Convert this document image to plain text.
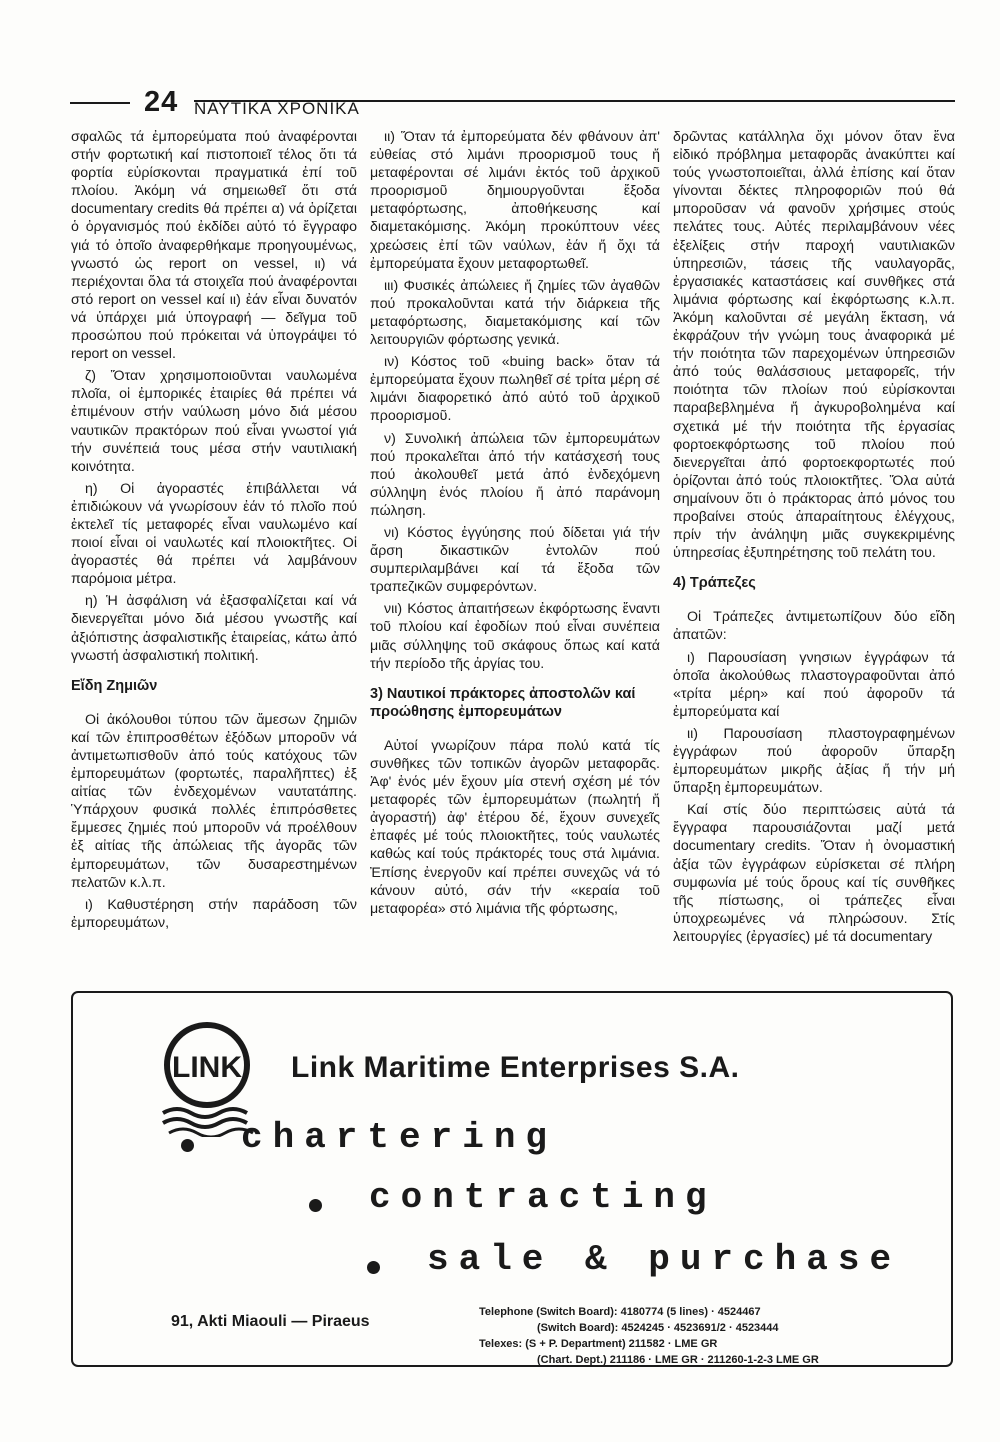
24 ΝΑΥΤΙΚΑ ΧΡΟΝΙΚΑ

σφαλῶς τά ἐμπορεύματα πού ἀναφέρονται στήν φορτωτική καί πιστοποιεῖ τέλος ὅτι τά φορτία εὑρίσκονται πραγματικά ἐπί τοῦ πλοίου. Ἀκόμη νά σημειωθεῖ ὅτι στά documentary credits θά πρέπει α) νά ὁρίζεται ὁ ὀργανισμός πού ἐκδίδει αὐτό τό ἔγγραφο γιά τό ὁποῖο ἀναφερθήκαμε προηγουμένως, γνωστό ὡς report on vessel, ιι) νά περιέχονται ὅλα τά στοιχεῖα πού ἀναφέρονται στό report on vessel καί ιι) ἐάν εἶναι δυνατόν νά ὑπάρχει μιά ὑπογραφή — δεῖγμα τοῦ προσώπου πού πρόκειται νά ὑπογράψει τό report on vessel.

ζ) Ὅταν χρησιμοποιοῦνται ναυλωμένα πλοῖα, οἱ ἐμπορικές ἑταιρίες θά πρέπει νά ἐπιμένουν στήν ναύλωση μόνο διά μέσου ναυτικῶν πρακτόρων πού εἶναι γνωστοί γιά τήν συνέπειά τους μέσα στήν ναυτιλιακή κοινότητα.

η) Οἱ ἀγοραστές ἐπιβάλλεται νά ἐπιδιώκουν νά γνωρίσουν ἐάν τό πλοῖο πού ἐκτελεῖ τίς μεταφορές εἶναι ναυλωμένο καί ποιοί εἶναι οἱ ναυλωτές καί πλοιοκτῆτες. Οἱ ἀγοραστές θά πρέπει νά λαμβάνουν παρόμοια μέτρα.

η) Ἡ ἀσφάλιση νά ἐξασφαλίζεται καί νά διενεργεῖται μόνο διά μέσου γνωστῆς καί ἀξιόπιστης ἀσφαλιστικῆς ἑταιρείας, κάτω ἀπό γνωστή ἀσφαλιστική πολιτική.

Εἴδη Ζημιῶν

Οἱ ἀκόλουθοι τύπου τῶν ἄμεσων ζημιῶν καί τῶν ἐπιπροσθέτων ἐξόδων μποροῦν νά ἀντιμετωπισθοῦν ἀπό τούς κατόχους τῶν ἐμπορευμάτων (φορτωτές, παραλῆπτες) ἐξ αἰτίας τῶν ἐνδεχομένων ναυτατάπης. Ὑπάρχουν φυσικά πολλές ἐπιπρόσθετες ἔμμεσες ζημιές πού μποροῦν νά προέλθουν ἐξ αἰτίας τῆς ἀπώλειας τῆς ἀγορᾶς τῶν ἐμπορευμάτων, τῶν δυσαρεστημένων πελατῶν κ.λ.π.

ι) Καθυστέρηση στήν παράδοση τῶν ἐμπορευμάτων,

ιι) Ὅταν τά ἐμπορεύματα δέν φθάνουν ἀπ' εὐθείας στό λιμάνι προορισμοῦ τους ἤ μεταφέρονται σέ λιμάνι ἐκτός τοῦ ἀρχικοῦ προορισμοῦ δημιουργοῦνται ἔξοδα μεταφόρτωσης, ἀποθήκευσης καί διαμετακόμισης. Ἀκόμη προκύπτουν νέες χρεώσεις ἐπί τῶν ναύλων, ἐάν ἤ ὄχι τά ἐμπορεύματα ἔχουν μεταφορτωθεῖ.

ιιι) Φυσικές ἀπώλειες ἤ ζημίες τῶν ἀγαθῶν πού προκαλοῦνται κατά τήν διάρκεια τῆς μεταφόρτωσης, διαμετακόμισης καί τῶν λειτουργιῶν φόρτωσης γενικά.

ιν) Κόστος τοῦ «buing back» ὅταν τά ἐμπορεύματα ἔχουν πωληθεῖ σέ τρίτα μέρη σέ λιμάνι διαφορετικό ἀπό αὐτό τοῦ ἀρχικοῦ προορισμοῦ.

ν) Συνολική ἀπώλεια τῶν ἐμπορευμάτων πού προκαλεῖται ἀπό τήν κατάσχεσή τους πού ἀκολουθεῖ μετά ἀπό ἐνδεχόμενη σύλληψη ἑνός πλοίου ἤ ἀπό παράνομη πώληση.

νι) Κόστος ἐγγύησης πού δίδεται γιά τήν ἄρση δικαστικῶν ἐντολῶν πού συμπεριλαμβάνει καί τά ἔξοδα τῶν τραπεζικῶν συμφερόντων.

νιι) Κόστος ἀπαιτήσεων ἐκφόρτωσης ἔναντι τοῦ πλοίου καί ἐφοδίων πού εἶναι συνέπεια μιᾶς σύλληψης τοῦ σκάφους ὅπως καί κατά τήν περίοδο τῆς ἀργίας του.

3) Ναυτικοί πράκτορες ἀποστολῶν καί προώθησης ἐμπορευμάτων

Αὐτοί γνωρίζουν πάρα πολύ κατά τίς συνθῆκες τῶν τοπικῶν ἀγορῶν μεταφορᾶς. Ἀφ' ἑνός μέν ἔχουν μία στενή σχέση μέ τόν μεταφορές τῶν ἐμπορευμάτων (πωλητή ἤ ἀγοραστή) ἀφ' ἑτέρου δέ, ἔχουν συνεχεῖς ἐπαφές μέ τούς πλοιοκτῆτες, τούς ναυλωτές καθώς καί τούς πράκτορές τους στά λιμάνια. Ἐπίσης ἐνεργοῦν καί πρέπει συνεχῶς νά τό κάνουν αὐτό, σάν τήν «κεραία τοῦ μεταφορέα» στό λιμάνια τῆς φόρτωσης,

δρῶντας κατάλληλα ὄχι μόνον ὅταν ἕνα εἰδικό πρόβλημα μεταφορᾶς ἀνακύπτει καί τούς γνωστοποιεῖται, ἀλλά ἐπίσης καί ὅταν γίνονται δέκτες πληροφοριῶν πού θά μποροῦσαν νά φανοῦν χρήσιμες στούς πελάτες τους. Αὐτές περιλαμβάνουν νέες ἐξελίξεις στήν παροχή ναυτιλιακῶν ὑπηρεσιῶν, τάσεις τῆς ναυλαγορᾶς, ἐργασιακές καταστάσεις καί συνθῆκες στά λιμάνια φόρτωσης καί ἐκφόρτωσης κ.λ.π. Ἀκόμη καλοῦνται σέ μεγάλη ἔκταση, νά ἐκφράζουν τήν γνώμη τους ἀναφορικά μέ τήν ποιότητα τῶν παρεχομένων ὑπηρεσιῶν ἀπό τούς θαλάσσιους μεταφορεῖς, τήν ποιότητα τῶν πλοίων πού εὑρίσκονται παραβεβλημένα ἤ ἀγκυροβολημένα καί σχετικά μέ τήν ποιότητα τῆς ἐργασίας φορτοεκφόρτωσης τοῦ πλοίου πού διενεργεῖται ἀπό φορτοεκφορτωτές πού ὁρίζονται ἀπό τούς πλοιοκτῆτες. Ὅλα αὐτά σημαίνουν ὅτι ὁ πράκτορας ἀπό μόνος του προβαίνει στούς ἀπαραίτητους ἐλέγχους, πρίν τήν ἀνάληψη μιᾶς συγκεκριμένης ὑπηρεσίας ἐξυπηρέτησης τοῦ πελάτη του.

4) Τράπεζες

Οἱ Τράπεζες ἀντιμετωπίζουν δύο εἴδη ἀπατῶν:

ι) Παρουσίαση γνησιων ἐγγράφων τά ὁποῖα ἀκολούθως πλαστογραφοῦνται ἀπό «τρίτα μέρη» καί πού ἀφοροῦν τά ἐμπορεύματα καί

ιι) Παρουσίαση πλαστογραφημένων ἐγγράφων πού ἀφοροῦν ὕπαρξη ἐμπορευμάτων μικρῆς ἀξίας ἤ τήν μή ὕπαρξη ἐμπορευμάτων.

Καί στίς δύο περιπτώσεις αὐτά τά ἔγγραφα παρουσιάζονται μαζί μετά documentary credits. Ὅταν ἡ ὀνομαστική ἀξία τῶν ἐγγράφων εὑρίσκεται σέ πλήρη συμφωνία μέ τούς ὅρους καί τίς συνθῆκες τῆς πίστωσης, οἱ τράπεζες εἶναι ὑποχρεωμένες νά πληρώσουν. Στίς λειτουργίες (ἐργασίες) μέ τά documentary

LINK Link Maritime Enterprises S.A.
chartering
contracting
sale & purchase
91, Akti Miaouli — Piraeus
Telephone (Switch Board): 4180774 (5 lines) · 4524467
(Switch Board): 4524245 · 4523691/2 · 4523444
Telexes: (S + P. Department) 211582 · LME GR
(Chart. Dept.) 211186 · LME GR · 211260-1-2-3 LME GR
